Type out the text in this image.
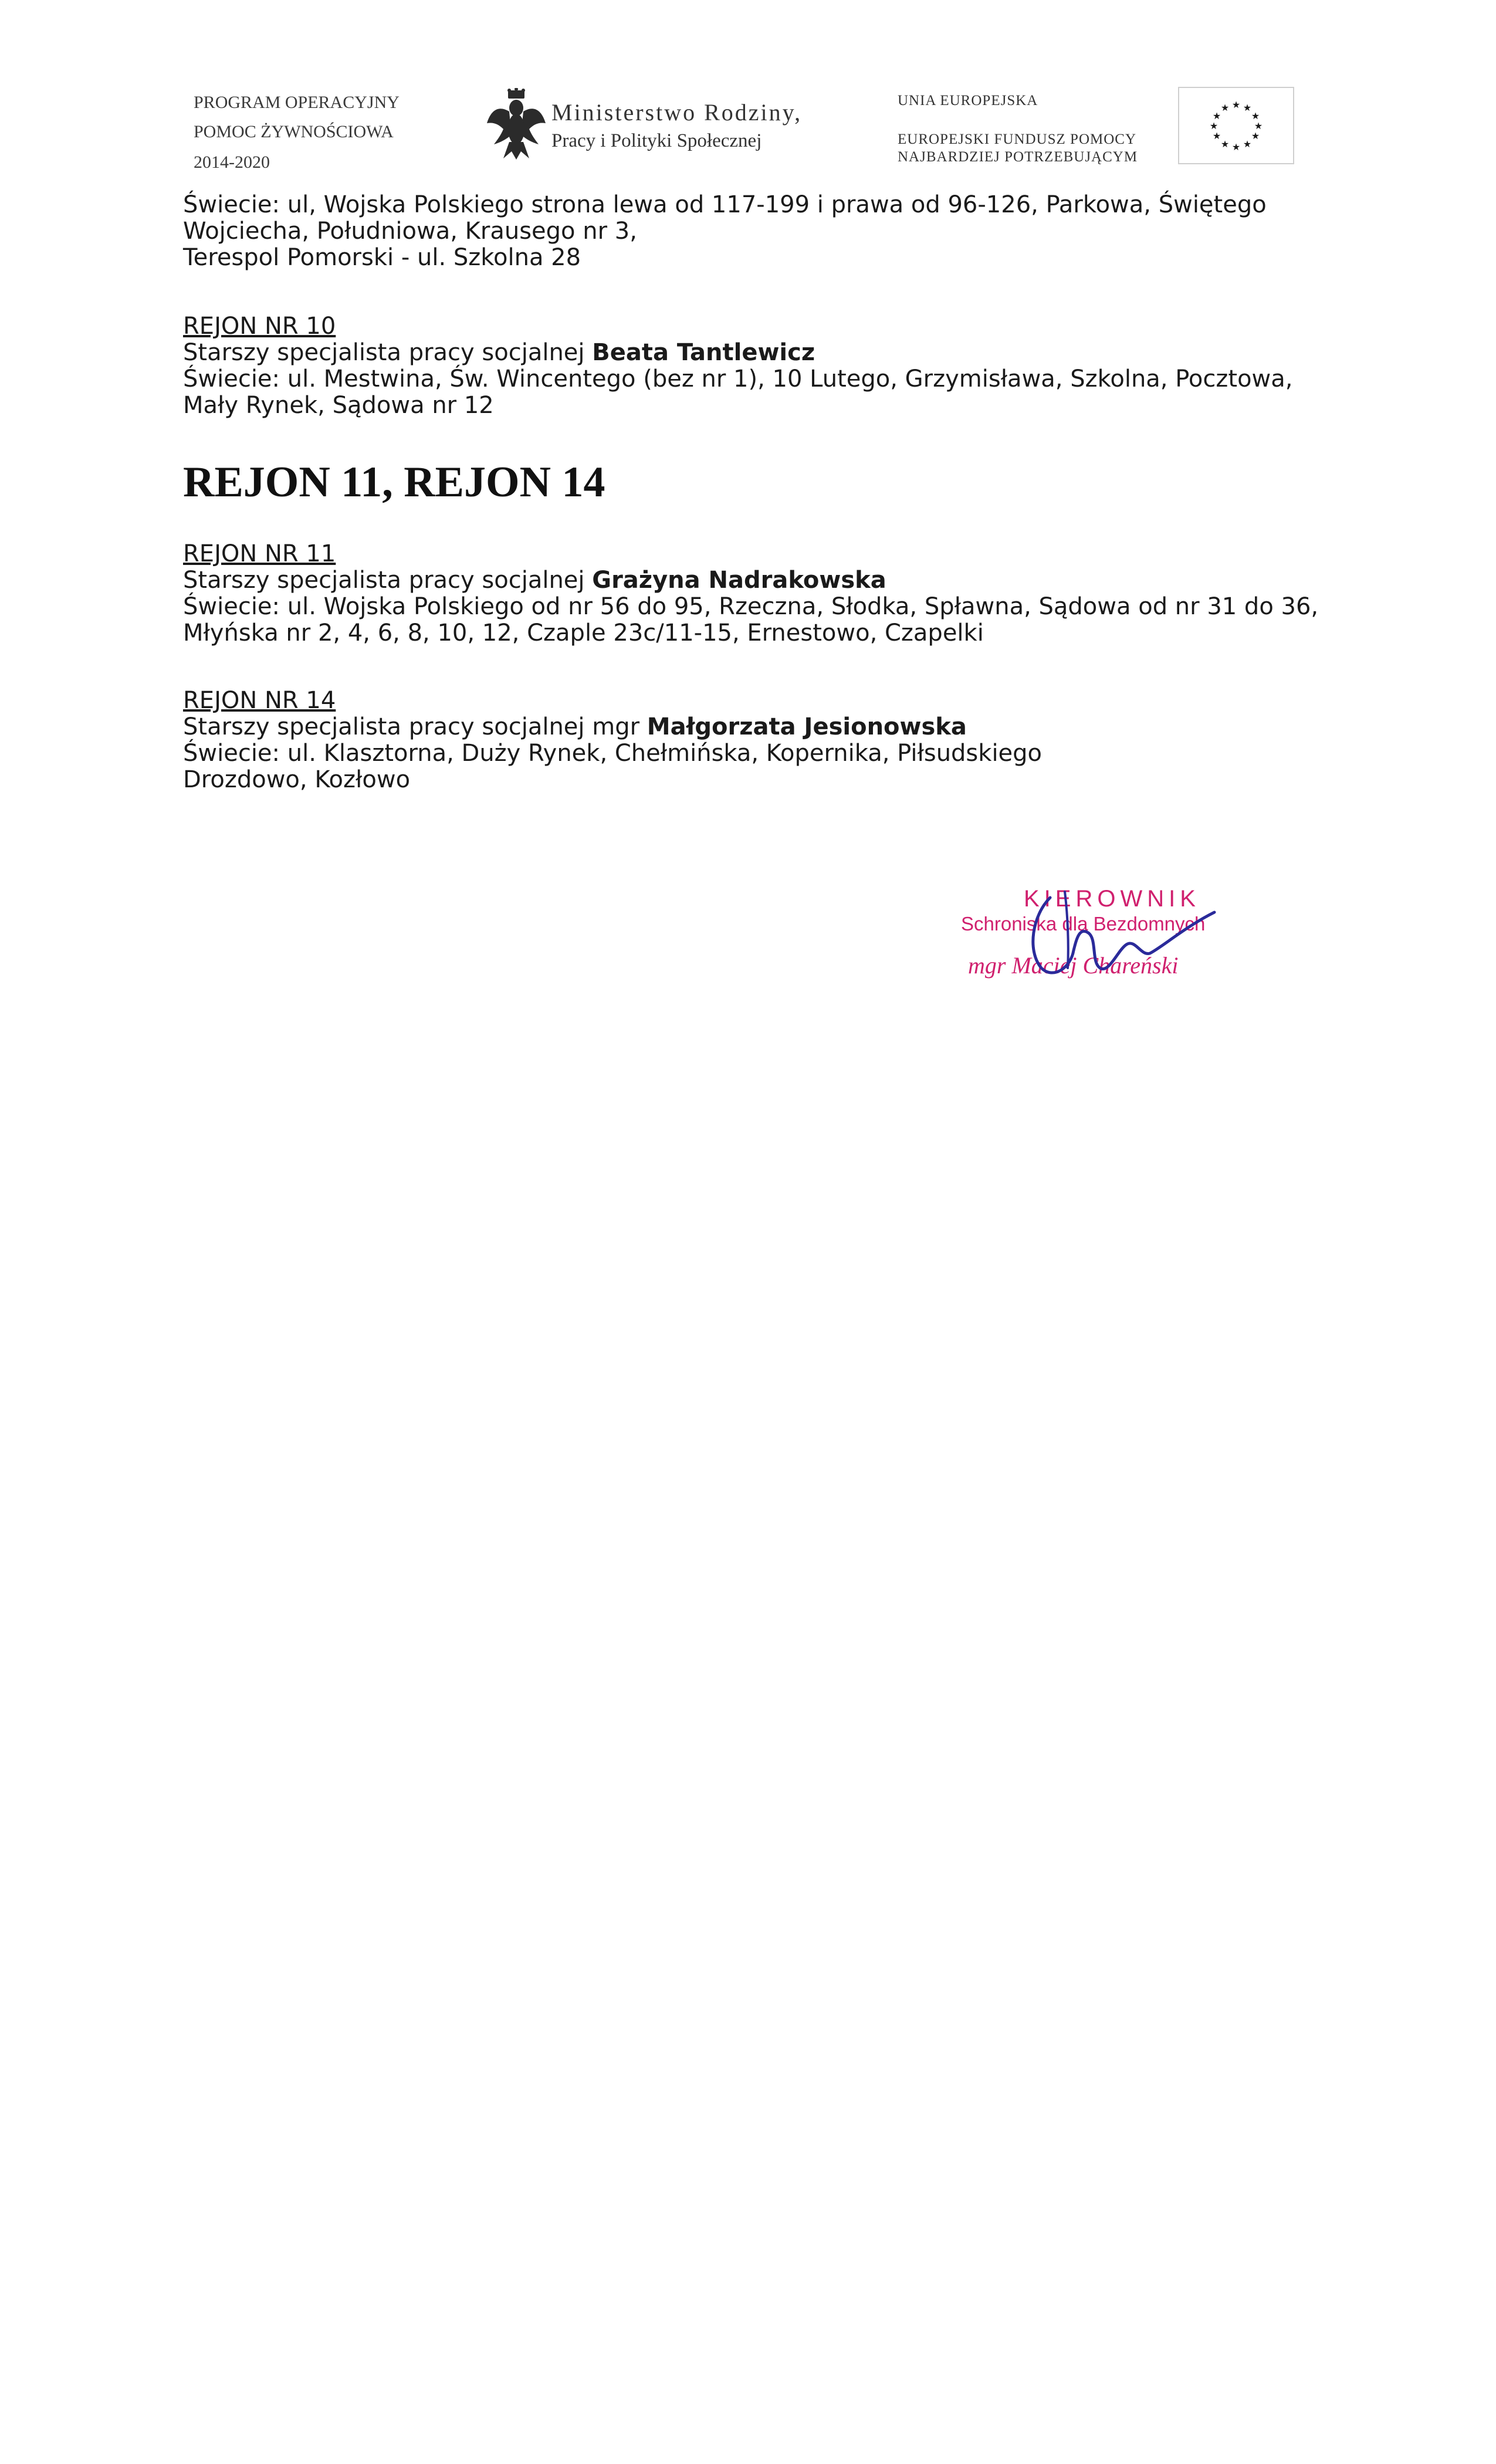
PROGRAM OPERACYJNY
POMOC ŻYWNOŚCIOWA
2014-2020
Ministerstwo Rodziny,
Pracy i Polityki Społecznej
UNIA EUROPEJSKA
EUROPEJSKI FUNDUSZ POMOCY
NAJBARDZIEJ POTRZEBUJĄCYM
★ ★
★
★
★
★
★
★
★
★
★
★
Świecie: ul, Wojska Polskiego strona lewa od 117-199 i prawa od 96-126, Parkowa, Świętego
Wojciecha, Południowa, Krausego nr 3,
Terespol Pomorski - ul. Szkolna 28
REJON NR 10
Starszy specjalista pracy socjalnej Beata Tantlewicz
Świecie: ul. Mestwina, Św. Wincentego (bez nr 1), 10 Lutego, Grzymisława, Szkolna, Pocztowa,
Mały Rynek, Sądowa nr 12
REJON 11, REJON 14
REJON NR 11
Starszy specjalista pracy socjalnej Grażyna Nadrakowska
Świecie: ul. Wojska Polskiego od nr 56 do 95, Rzeczna, Słodka, Spławna, Sądowa od nr 31 do 36,
Młyńska nr 2, 4, 6, 8, 10, 12, Czaple 23c/11-15, Ernestowo, Czapelki
REJON NR 14
Starszy specjalista pracy socjalnej mgr Małgorzata Jesionowska
Świecie: ul. Klasztorna, Duży Rynek, Chełmińska, Kopernika, Piłsudskiego
Drozdowo, Kozłowo
KIEROWNIK
Schroniska dla Bezdomnych
mgr Maciej Chareński
